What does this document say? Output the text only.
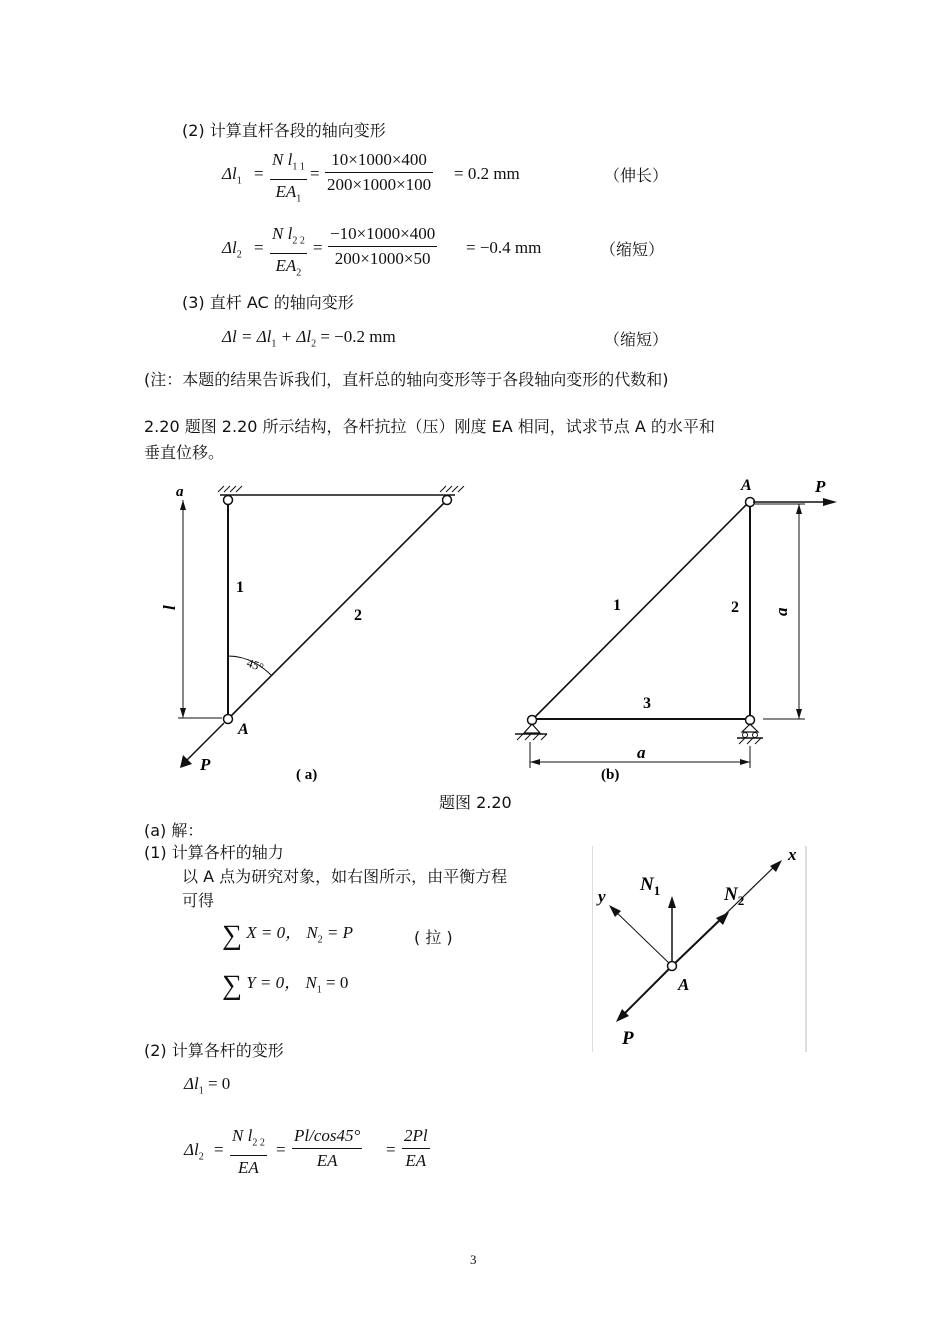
(2) 计算直杆各段的轴向变形
$\Delta l_1$ =
N $l_{1 1}$
$EA_1$
=
10×1000×400
200×1000×100
= 0.2 mm	（伸长）
$\Delta l_2$ =
N $l_{2 2}$
$EA_2$
=
−10×1000×400
200×1000×50
= −0.4 mm	（缩短）
(3) 直杆 AC 的轴向变形
$\Delta l = \Delta l_1 + \Delta l_2 = -0.2$ mm	（缩短）
(注：本题的结果告诉我们，直杆总的轴向变形等于各段轴向变形的代数和)
2.20 题图 2.20 所示结构，各杆抗拉（压）刚度 EA 相同，试求节点 A 的水平和
垂直位移。
a
l
1
2
45°
A
P
( a)
A	P
1	2
3
a
a
(b)
题图 2.20
(a) 解：
(1) 计算各杆的轴力
以 A 点为研究对象，如右图所示，由平衡方程
可得
∑ X = 0， $N_2 = P$	( 拉 )
∑ Y = 0， $N_1 = 0$
(2) 计算各杆的变形
$\Delta l_1 = 0$
$\Delta l_2$ =
N $l_{2 2}$
EA
=
Pl/cos45°
EA
=
2Pl
EA
x
y
$N_1$	$N_2$
A
P
3
